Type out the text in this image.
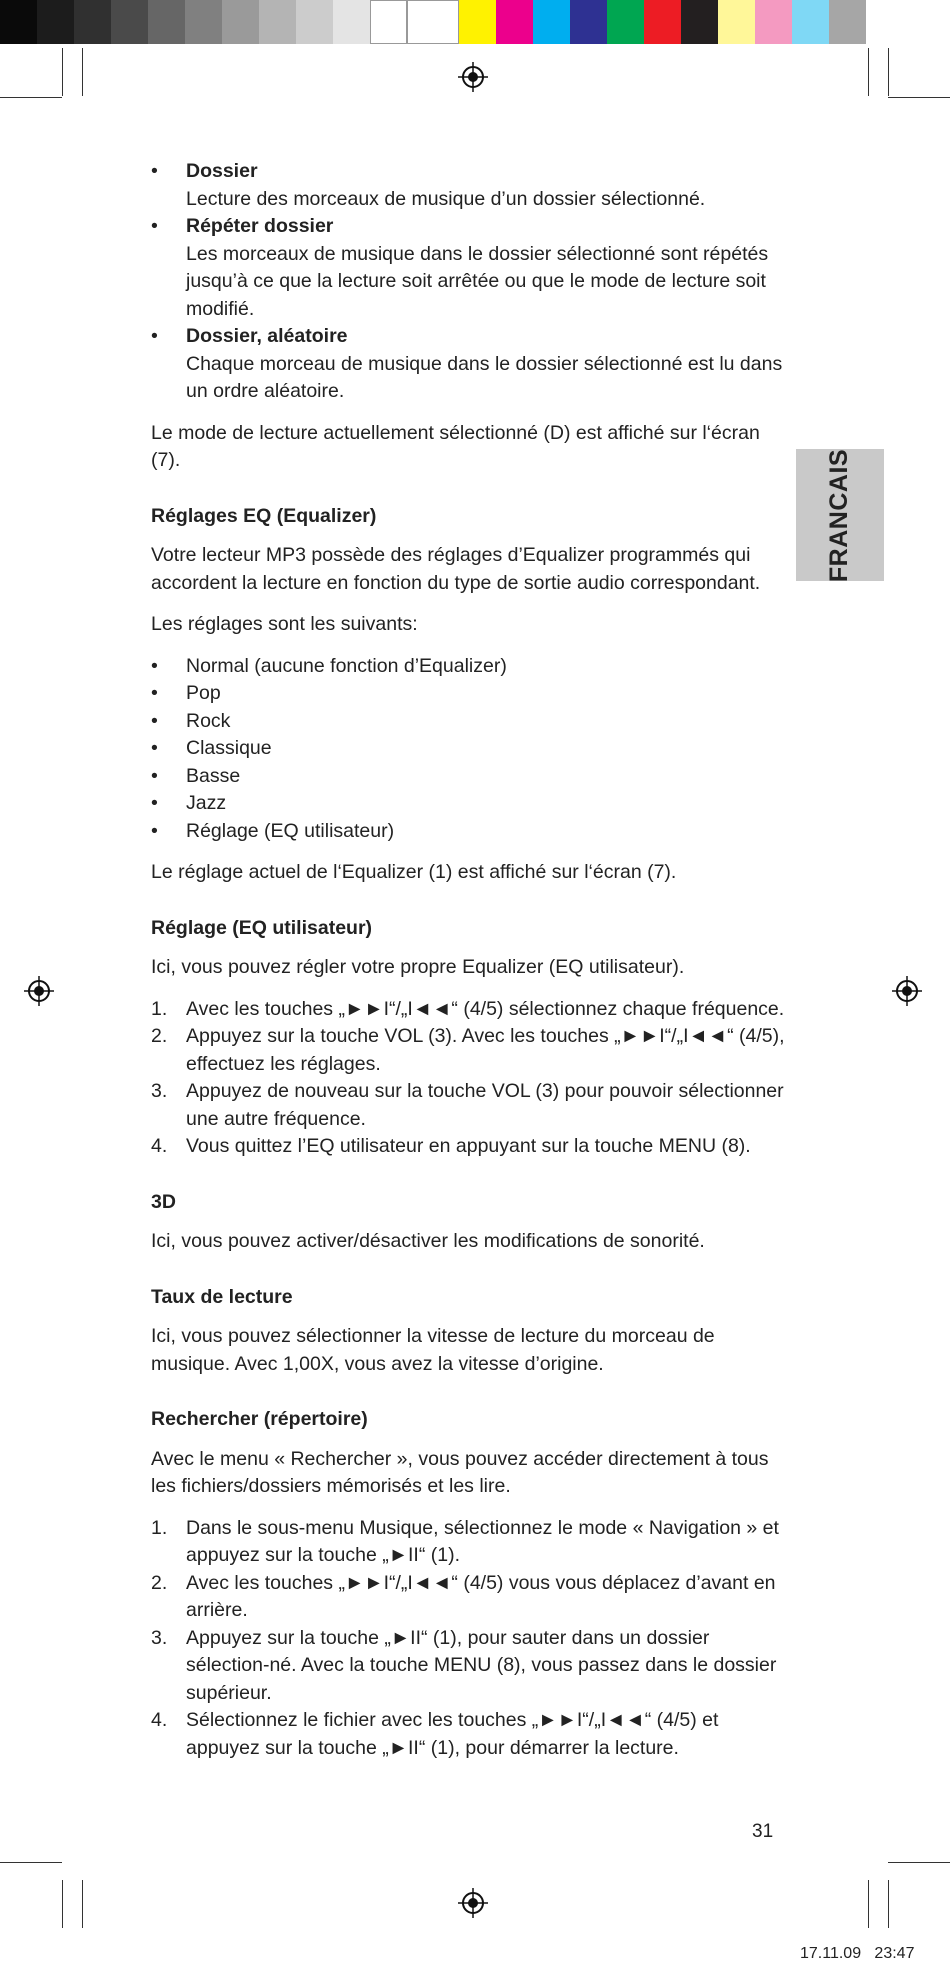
FRANCAIS
• Dossier
Lecture des morceaux de musique d’un dossier sélectionné.
• Répéter dossier
Les morceaux de musique dans le dossier sélectionné sont répétés jusqu’à ce que la lecture soit arrêtée ou que le mode de lecture soit modifié.
• Dossier, aléatoire
Chaque morceau de musique dans le dossier sélectionné est lu dans un ordre aléatoire.

Le mode de lecture actuellement sélectionné (D) est affiché sur l‘écran (7).

Réglages EQ (Equalizer)

Votre lecteur MP3 possède des réglages d’Equalizer programmés qui accordent la lecture en fonction du type de sortie audio correspondant.

Les réglages sont les suivants:

• Normal (aucune fonction d’Equalizer)
• Pop
• Rock
• Classique
• Basse
• Jazz
• Réglage (EQ utilisateur)

Le réglage actuel de l‘Equalizer (1) est affiché sur l‘écran (7).

Réglage (EQ utilisateur)

Ici, vous pouvez régler votre propre Equalizer (EQ utilisateur).

1. Avec les touches „►►I“/„I◄◄“ (4/5) sélectionnez chaque fréquence.
2. Appuyez sur la touche VOL (3). Avec les touches „►►I“/„I◄◄“ (4/5), effectuez les réglages.
3. Appuyez de nouveau sur la touche VOL (3) pour pouvoir sélectionner une autre fréquence.
4. Vous quittez l’EQ utilisateur en appuyant sur la touche MENU (8).
3D

Ici, vous pouvez activer/désactiver les modifications de sonorité.

Taux de lecture

Ici, vous pouvez sélectionner la vitesse de lecture du morceau de musique. Avec 1,00X, vous avez la vitesse d’origine.

Rechercher (répertoire)

Avec le menu « Rechercher », vous pouvez accéder directement à tous les fichiers/dossiers mémorisés et les lire.

1. Dans le sous-menu Musique, sélectionnez le mode « Navigation » et appuyez sur la touche „►II“ (1).
2. Avec les touches „►►I“/„I◄◄“ (4/5) vous vous déplacez d’avant en arrière.
3. Appuyez sur la touche „►II“ (1), pour sauter dans un dossier sélection-né. Avec la touche MENU (8), vous passez dans le dossier supérieur.
4. Sélectionnez le fichier avec les touches „►►I“/„I◄◄“ (4/5) et appuyez sur la touche „►II“ (1), pour démarrer la lecture.
31
17.11.09   23:47
